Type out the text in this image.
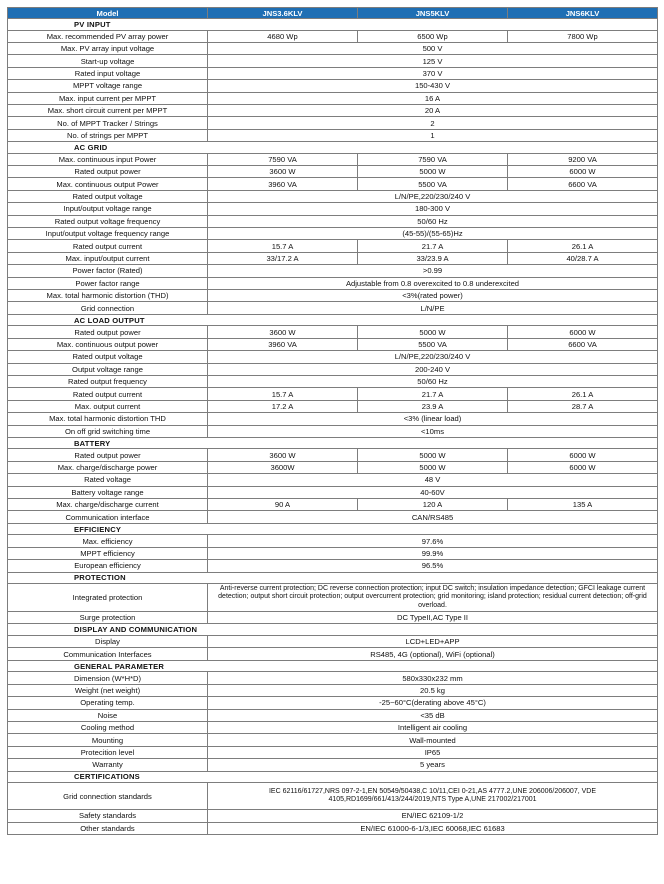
Model	JNS3.6KLV	JNS5KLV	JNS6KLV
PV INPUT			
Max. recommended PV array power	4680 Wp	6500 Wp	7800 Wp
Max. PV array input voltage	500 V		
Start-up voltage	125 V		
Rated input voltage	370 V		
MPPT voltage range	150-430 V		
Max. input current per MPPT	16 A		
Max. short circuit current per MPPT	20 A		
No. of MPPT Tracker / Strings	2		
No. of strings per MPPT	1		
AC GRID			
Max. continuous input Power	7590 VA	7590 VA	9200 VA
Rated output power	3600 W	5000 W	6000 W
Max. continuous output Power	3960 VA	5500 VA	6600 VA
Rated output voltage	L/N/PE,220/230/240 V		
Input/output voltage range	180-300 V		
Rated output voltage frequency	50/60 Hz		
Input/output voltage frequency range	(45-55)/(55-65)Hz		
Rated output current	15.7 A	21.7 A	26.1 A
Max. input/output current	33/17.2 A	33/23.9 A	40/28.7 A
Power factor (Rated)	>0.99		
Power factor range	Adjustable from 0.8 overexcited to 0.8 underexcited		
Max. total harmonic distortion (THD)	<3%(rated power)		
Grid connection	L/N/PE		
AC LOAD OUTPUT			
Rated output power	3600 W	5000 W	6000 W
Max. continuous output power	3960 VA	5500 VA	6600 VA
Rated output voltage	L/N/PE,220/230/240 V		
Output voltage range	200-240 V		
Rated output frequency	50/60 Hz		
Rated output current	15.7 A	21.7 A	26.1 A
Max. output current	17.2 A	23.9 A	28.7 A
Max. total harmonic distortion THD	<3% (linear load)		
On off grid switching time	<10ms		
BATTERY			
Rated output power	3600 W	5000 W	6000 W
Max. charge/discharge power	3600W	5000 W	6000 W
Rated voltage	48 V		
Battery voltage range	40-60V		
Max. charge/discharge current	90 A	120 A	135 A
Communication interface	CAN/RS485		
EFFICIENCY			
Max. efficiency	97.6%		
MPPT efficiency	99.9%		
European efficiency	96.5%		
PROTECTION			
Integrated protection	Anti-reverse current protection; DC reverse connection protection; input DC switch; insulation impedance detection; GFCI leakage current detection; output short circuit protection; output overcurrent protection; grid monitoring; island protection; residual current detection; off-grid overload.		
Surge protection	DC TypeII,AC Type II		
DISPLAY AND COMMUNICATION			
Display	LCD+LED+APP		
Communication Interfaces	RS485, 4G (optional), WiFi (optional)		
GENERAL PARAMETER			
Dimension (W*H*D)	580x330x232 mm		
Weight (net weight)	20.5 kg		
Operating temp.	-25~60°C(derating above 45°C)		
Noise	<35 dB		
Cooling method	Intelligent air cooling		
Mounting	Wall-mounted		
Protecition level	IP65		
Warranty	5 years		
CERTIFICATIONS			
Grid connection standards	IEC 62116/61727,NRS 097-2-1,EN 50549/50438,C 10/11,CEI 0-21,AS 4777.2,UNE 206006/206007, VDE 4105,RD1699/661/413/244/2019,NTS Type A,UNE 217002/217001		
Safety standards	EN/IEC 62109-1/2		
Other standards	EN/IEC 61000-6-1/3,IEC 60068,IEC 61683		
